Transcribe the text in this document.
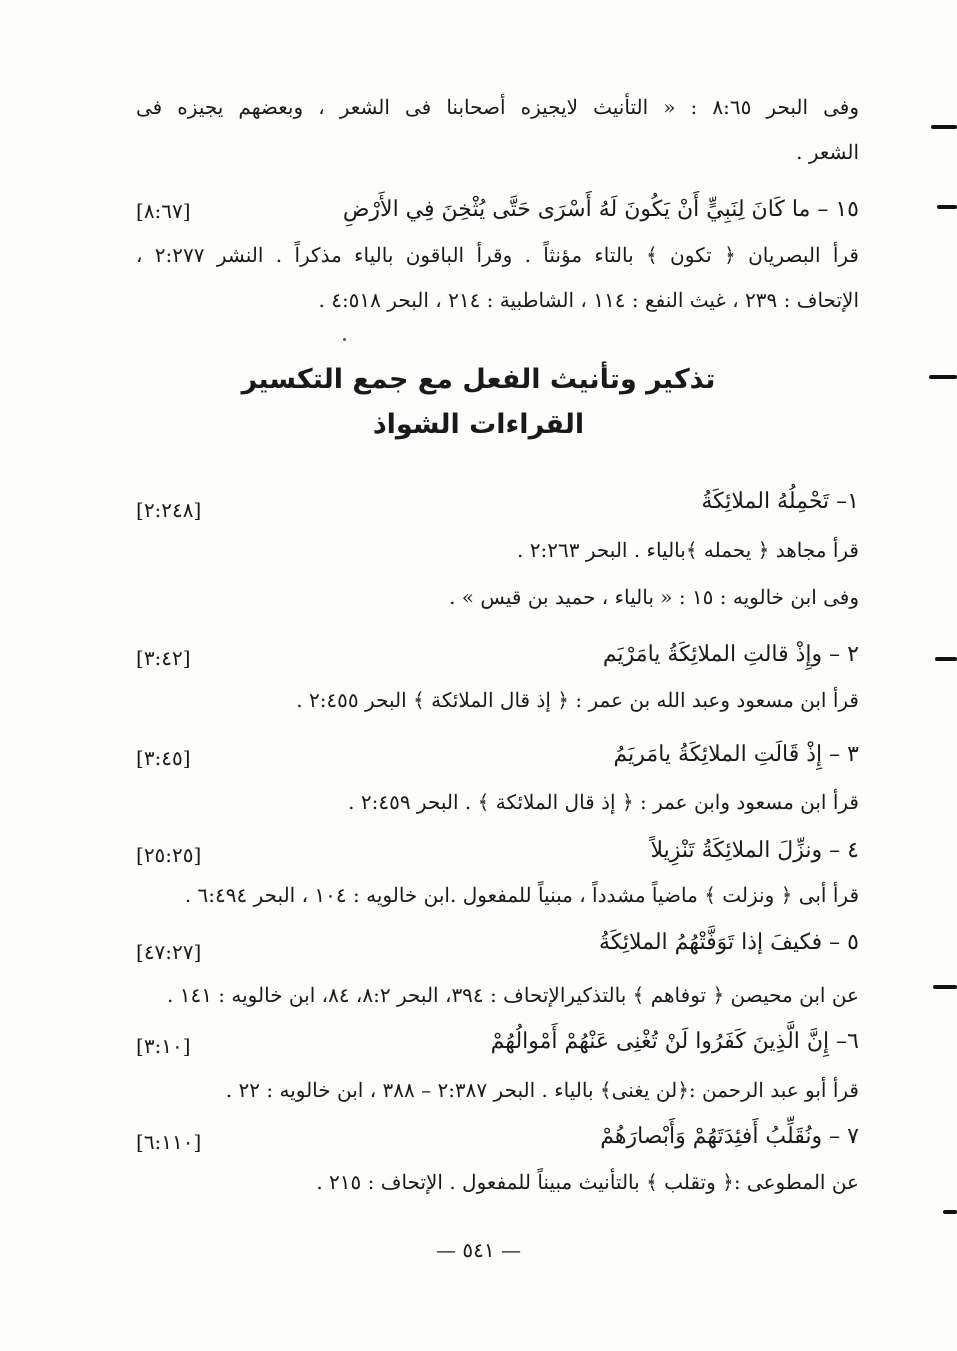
وفى البحر ٨:٦٥ : « التأنيث لايجيزه أصحابنا فى الشعر ، وبعضهم يجيزه فى
الشعر .
١٥ – ما كَانَ لِنَبِيٍّ أَنْ يَكُونَ لَهُ أَسْرَى حَتَّى يُثْخِنَ فِي الأَرْضِ
[٨:٦٧]
قرأ البصريان ﴿ تكون ﴾ بالتاء مؤنثاً . وقرأ الباقون بالياء مذكراً . النشر ٢:٢٧٧ ،
الإتحاف : ٢٣٩ ، غيث النفع : ١١٤ ، الشاطبية : ٢١٤ ، البحر ٤:٥١٨ .
تذكير وتأنيث الفعل مع جمع التكسير
القراءات الشواذ
١– تَحْمِلُهُ الملائِكَةُ
[٢:٢٤٨]
قرأ مجاهد ﴿ يحمله ﴾بالياء . البحر ٢:٢٦٣ .
وفى ابن خالويه : ١٥ : « بالياء ، حميد بن قيس » .
٢ – وإِذْ قالتِ الملائِكَةُ يامَرْيَم
[٣:٤٢]
قرأ ابن مسعود وعبد الله بن عمر : ﴿ إذ قال الملائكة ﴾ البحر ٢:٤٥٥ .
٣ – إِذْ قَالَتِ الملائِكَةُ يامَريَمُ
[٣:٤٥]
قرأ ابن مسعود وابن عمر : ﴿ إذ قال الملائكة ﴾ . البحر ٢:٤٥٩ .
٤ – ونزِّلَ الملائِكَةُ تَنْزِيلاً
[٢٥:٢٥]
قرأ أبى ﴿ ونزلت ﴾ ماضياً مشدداً ، مبنياً للمفعول .ابن خالويه : ١٠٤ ، البحر ٦:٤٩٤ .
٥ – فكيفَ إذا تَوَفَّتْهُمُ الملائِكَةُ
[٤٧:٢٧]
عن ابن محيصن ﴿ توفاهم ﴾ بالتذكيرالإتحاف : ٣٩٤، البحر ٨:٢، ٨٤، ابن خالويه : ١٤١ .
٦– إِنَّ الَّذِينَ كَفَرُوا لَنْ تُغْنِى عَنْهُمْ أَمْوالُهُمْ
[٣:١٠]
قرأ أبو عبد الرحمن :﴿لن يغنى﴾ بالياء . البحر ٢:٣٨٧ – ٣٨٨ ، ابن خالويه : ٢٢ .
٧ – ونُقَلِّبُ أَفئِدَتَهُمْ وَأَبْصارَهُمْ
[٦:١١٠]
عن المطوعى :﴿ وتقلب ﴾ بالتأنيث مبيناً للمفعول . الإتحاف : ٢١٥ .
— ٥٤١ —
